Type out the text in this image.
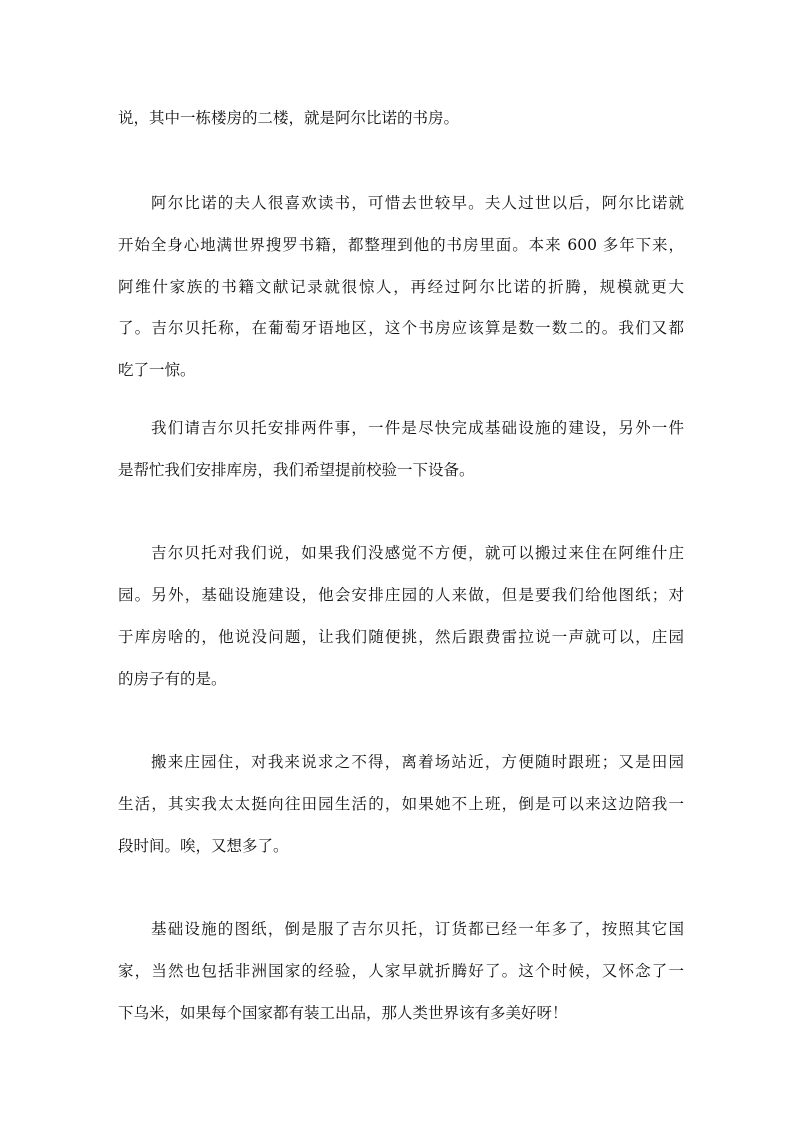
说，其中一栋楼房的二楼，就是阿尔比诺的书房。
阿尔比诺的夫人很喜欢读书，可惜去世较早。夫人过世以后，阿尔比诺就
开始全身心地满世界搜罗书籍，都整理到他的书房里面。本来 600 多年下来，
阿维什家族的书籍文献记录就很惊人，再经过阿尔比诺的折腾，规模就更大
了。吉尔贝托称，在葡萄牙语地区，这个书房应该算是数一数二的。我们又都
吃了一惊。
我们请吉尔贝托安排两件事，一件是尽快完成基础设施的建设，另外一件
是帮忙我们安排库房，我们希望提前校验一下设备。
吉尔贝托对我们说，如果我们没感觉不方便，就可以搬过来住在阿维什庄
园。另外，基础设施建设，他会安排庄园的人来做，但是要我们给他图纸；对
于库房啥的，他说没问题，让我们随便挑，然后跟费雷拉说一声就可以，庄园
的房子有的是。
搬来庄园住，对我来说求之不得，离着场站近，方便随时跟班；又是田园
生活，其实我太太挺向往田园生活的，如果她不上班，倒是可以来这边陪我一
段时间。唉，又想多了。
基础设施的图纸，倒是服了吉尔贝托，订货都已经一年多了，按照其它国
家，当然也包括非洲国家的经验，人家早就折腾好了。这个时候，又怀念了一
下乌米，如果每个国家都有装工出品，那人类世界该有多美好呀！
